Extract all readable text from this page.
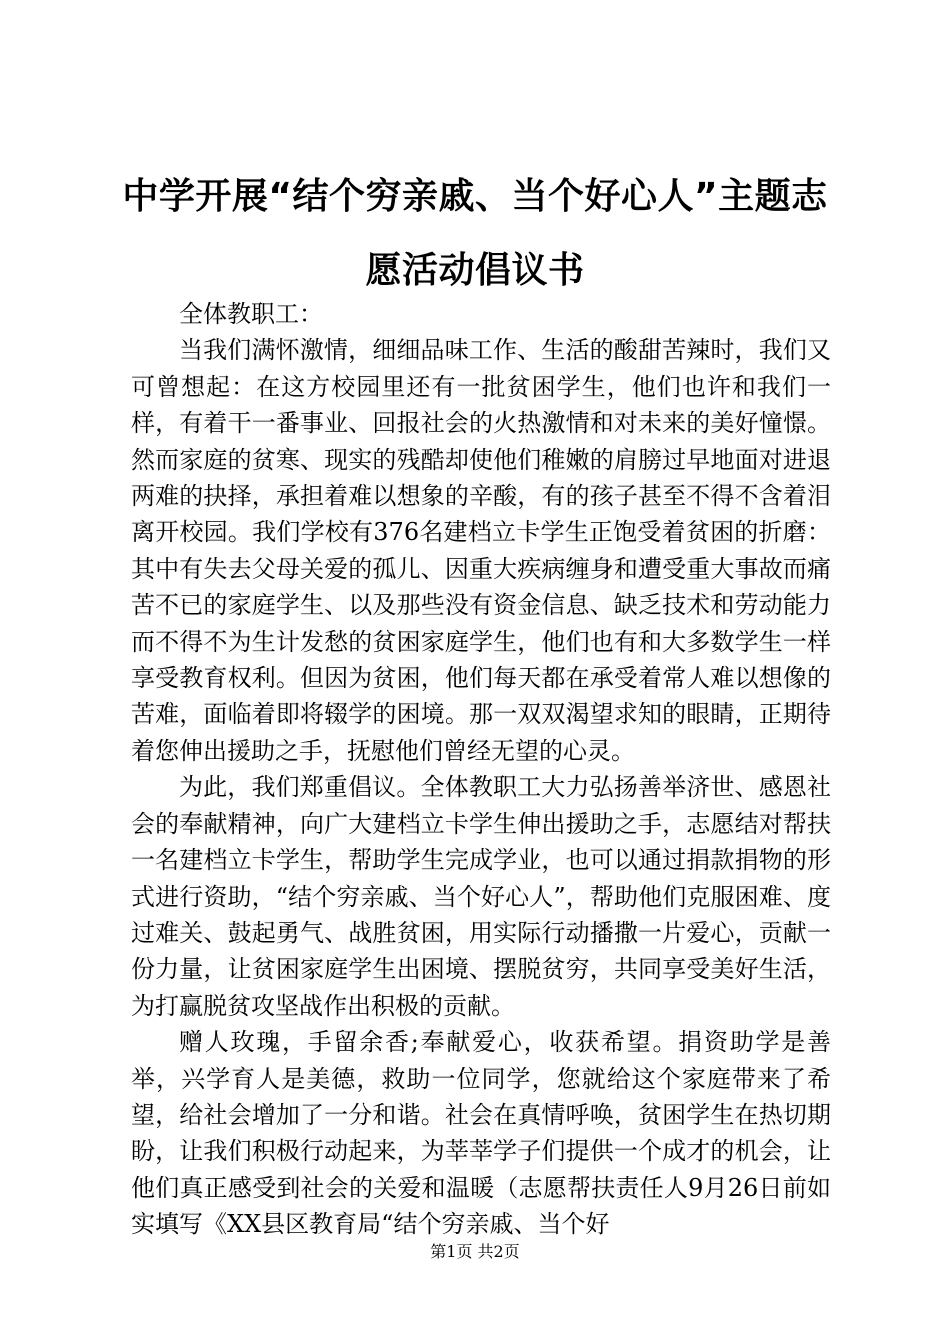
中学开展“结个穷亲戚、当个好心人”主题志愿活动倡议书

全体教职工：

当我们满怀激情，细细品味工作、生活的酸甜苦辣时，我们又可曾想起：在这方校园里还有一批贫困学生，他们也许和我们一样，有着干一番事业、回报社会的火热激情和对未来的美好憧憬。然而家庭的贫寒、现实的残酷却使他们稚嫩的肩膀过早地面对进退两难的抉择，承担着难以想象的辛酸，有的孩子甚至不得不含着泪离开校园。我们学校有376名建档立卡学生正饱受着贫困的折磨：其中有失去父母关爱的孤儿、因重大疾病缠身和遭受重大事故而痛苦不已的家庭学生、以及那些没有资金信息、缺乏技术和劳动能力而不得不为生计发愁的贫困家庭学生，他们也有和大多数学生一样享受教育权利。但因为贫困，他们每天都在承受着常人难以想像的苦难，面临着即将辍学的困境。那一双双渴望求知的眼睛，正期待着您伸出援助之手，抚慰他们曾经无望的心灵。

为此，我们郑重倡议。全体教职工大力弘扬善举济世、感恩社会的奉献精神，向广大建档立卡学生伸出援助之手，志愿结对帮扶一名建档立卡学生，帮助学生完成学业，也可以通过捐款捐物的形式进行资助，“结个穷亲戚、当个好心人”，帮助他们克服困难、度过难关、鼓起勇气、战胜贫困，用实际行动播撒一片爱心，贡献一份力量，让贫困家庭学生出困境、摆脱贫穷，共同享受美好生活，为打赢脱贫攻坚战作出积极的贡献。

赠人玫瑰，手留余香;奉献爱心，收获希望。捐资助学是善举，兴学育人是美德，救助一位同学，您就给这个家庭带来了希望，给社会增加了一分和谐。社会在真情呼唤，贫困学生在热切期盼，让我们积极行动起来，为莘莘学子们提供一个成才的机会，让他们真正感受到社会的关爱和温暖（志愿帮扶责任人9月26日前如实填写《XX县区教育局“结个穷亲戚、当个好

第1页 共2页
